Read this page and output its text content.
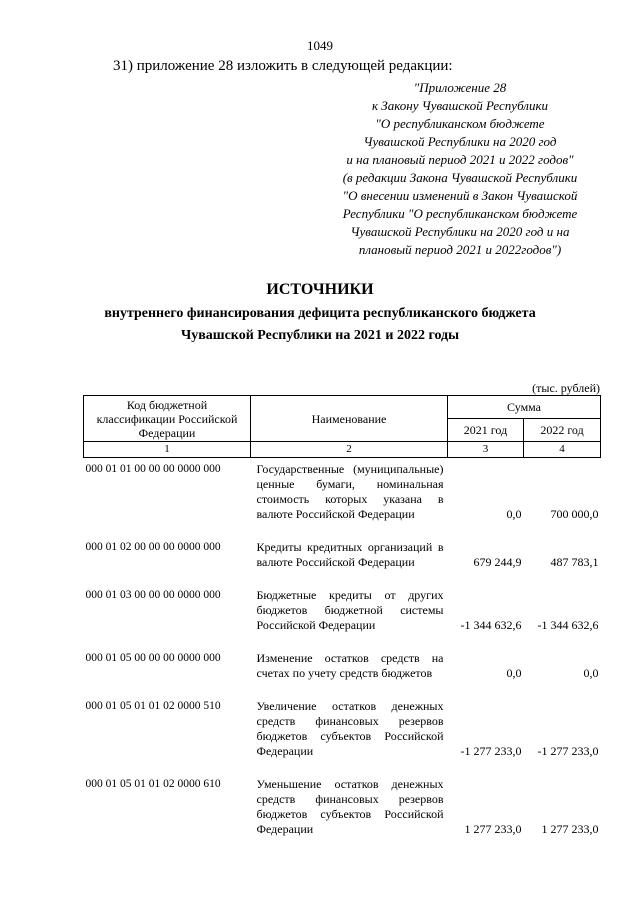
1049
31) приложение 28 изложить в следующей редакции:
"Приложение 28
к Закону Чувашской Республики
"О республиканском бюджете
Чувашской Республики на 2020 год
и на плановый период 2021 и 2022 годов"
(в редакции Закона Чувашской Республики
"О внесении изменений в Закон Чувашской
Республики "О республиканском бюджете
Чувашской Республики на 2020 год и на
плановый период 2021 и 2022годов")
ИСТОЧНИКИ
внутреннего финансирования дефицита республиканского бюджета
Чувашской Республики на 2021 и 2022 годы
(тыс. рублей)
Код бюджетной классификации Российской Федерации	Наименование	Сумма	
		2021 год	2022 год
1	2	3	4
000 01 01 00 00 00 0000 000	Государственные (муниципальные) ценные бумаги, номинальная стоимость которых указана в валюте Российской Федерации	0,0	700 000,0

000 01 02 00 00 00 0000 000	Кредиты кредитных организаций в валюте Российской Федерации	679 244,9	487 783,1

000 01 03 00 00 00 0000 000	Бюджетные кредиты от других бюджетов бюджетной системы Российской Федерации	-1 344 632,6	-1 344 632,6

000 01 05 00 00 00 0000 000	Изменение остатков средств на счетах по учету средств бюджетов	0,0	0,0

000 01 05 01 01 02 0000 510	Увеличение остатков денежных средств финансовых резервов бюджетов субъектов Российской Федерации	-1 277 233,0	-1 277 233,0

000 01 05 01 01 02 0000 610	Уменьшение остатков денежных средств финансовых резервов бюджетов субъектов Российской Федерации	1 277 233,0	1 277 233,0
